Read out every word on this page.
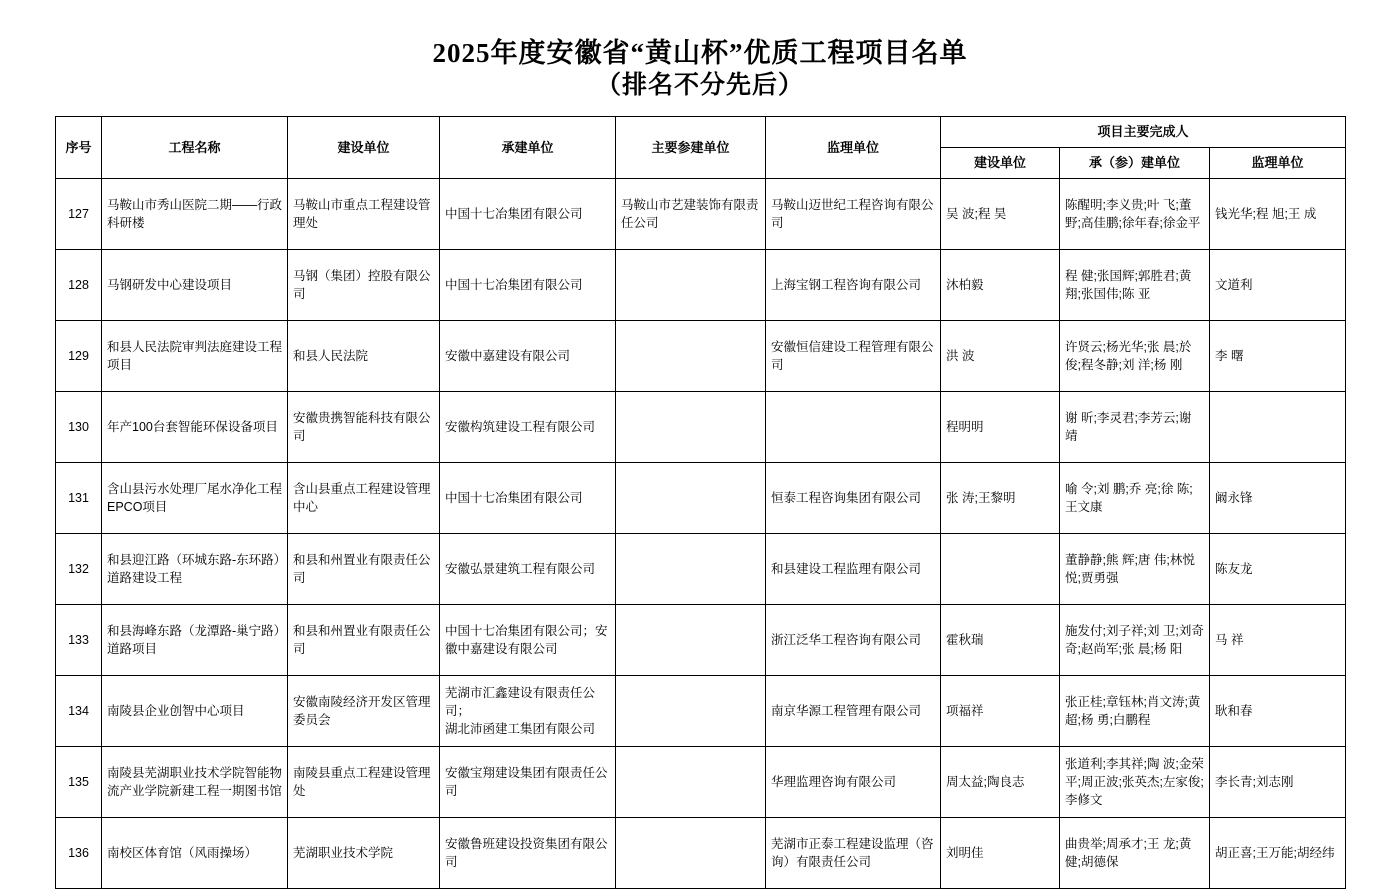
2025年度安徽省“黄山杯”优质工程项目名单
（排名不分先后）
序号	工程名称	建设单位	承建单位	主要参建单位	监理单位	项目主要完成人		
						建设单位	承（参）建单位	监理单位
127	马鞍山市秀山医院二期——行政科研楼	马鞍山市重点工程建设管理处	中国十七冶集团有限公司	马鞍山市艺建装饰有限责任公司	马鞍山迈世纪工程咨询有限公司	吴 波;程 昊	陈醒明;李义贵;叶 飞;董 野;高佳鹏;徐年春;徐金平	钱光华;程 旭;王 成
128	马钢研发中心建设项目	马钢（集团）控股有限公司	中国十七冶集团有限公司		上海宝钢工程咨询有限公司	沐柏毅	程 健;张国辉;郭胜君;黄 翔;张国伟;陈 亚	文道利
129	和县人民法院审判法庭建设工程项目	和县人民法院	安徽中嘉建设有限公司		安徽恒信建设工程管理有限公司	洪 波	许贤云;杨光华;张 晨;於 俊;程冬静;刘 洋;杨 刚	李 曙
130	年产100台套智能环保设备项目	安徽贵携智能科技有限公司	安徽构筑建设工程有限公司			程明明	谢 昕;李灵君;李芳云;谢 靖	
131	含山县污水处理厂尾水净化工程EPCO项目	含山县重点工程建设管理中心	中国十七冶集团有限公司		恒泰工程咨询集团有限公司	张 涛;王黎明	喻 令;刘 鹏;乔 亮;徐 陈;王文康	阚永锋
132	和县迎江路（环城东路-东环路）道路建设工程	和县和州置业有限责任公司	安徽弘景建筑工程有限公司		和县建设工程监理有限公司		董静静;熊 辉;唐 伟;林悦悦;贾勇强	陈友龙
133	和县海峰东路（龙潭路-巢宁路）道路项目	和县和州置业有限责任公司	中国十七冶集团有限公司；安徽中嘉建设有限公司		浙江泛华工程咨询有限公司	霍秋瑞	施发付;刘子祥;刘 卫;刘奇奇;赵尚军;张 晨;杨 阳	马 祥
134	南陵县企业创智中心项目	安徽南陵经济开发区管理委员会	芜湖市汇鑫建设有限责任公司；
湖北沛函建工集团有限公司		南京华源工程管理有限公司	项福祥	张正桂;章钰林;肖文涛;黄 超;杨 勇;白鹏程	耿和春
135	南陵县芜湖职业技术学院智能物流产业学院新建工程一期图书馆	南陵县重点工程建设管理处	安徽宝翔建设集团有限责任公司		华理监理咨询有限公司	周太益;陶良志	张道利;李其祥;陶 波;金荣平;周正波;张英杰;左家俊;李修文	李长青;刘志刚
136	南校区体育馆（风雨操场）	芜湖职业技术学院	安徽鲁班建设投资集团有限公司		芜湖市正泰工程建设监理（咨询）有限责任公司	刘明佳	曲贵举;周承才;王 龙;黄 健;胡德保	胡正喜;王万能;胡经纬
